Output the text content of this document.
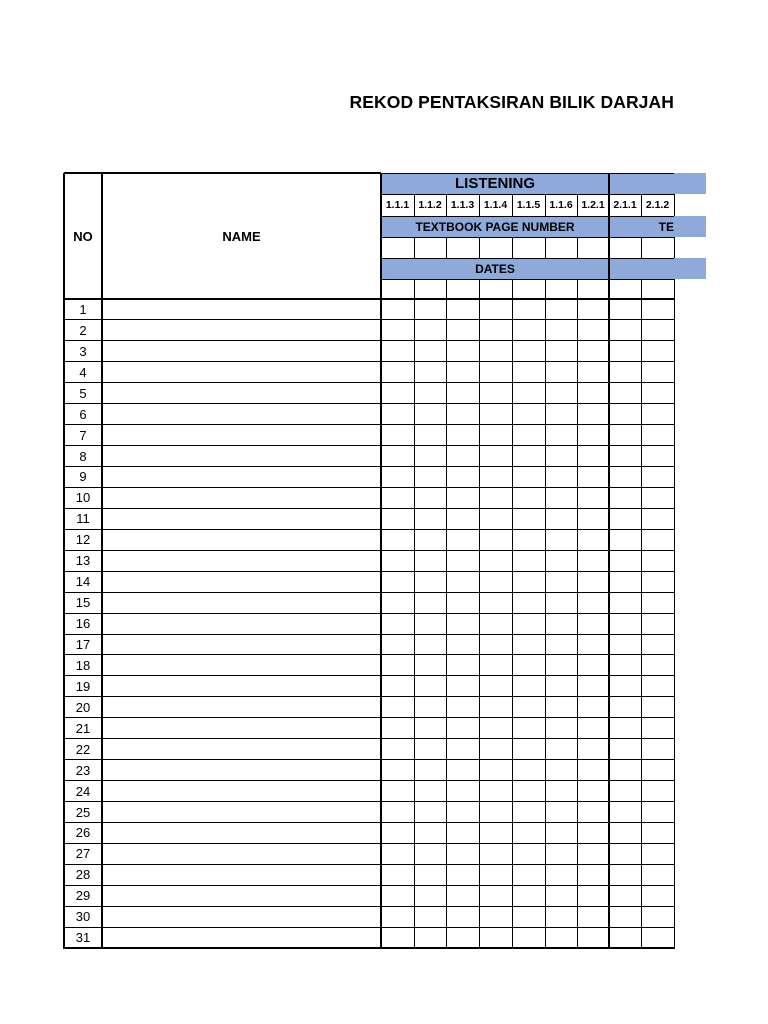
REKOD PENTAKSIRAN BILIK DARJAH
LISTENING
TEXTBOOK PAGE NUMBER	TE
DATES
NO	NAME
1.1.1 1.1.2 1.1.3 1.1.4 1.1.5 1.1.6 1.2.1 2.1.1 2.1.2
1
2
3
4
5
6
7
8
9
10
11
12
13
14
15
16
17
18
19
20
21
22
23
24
25
26
27
28
29
30
31
